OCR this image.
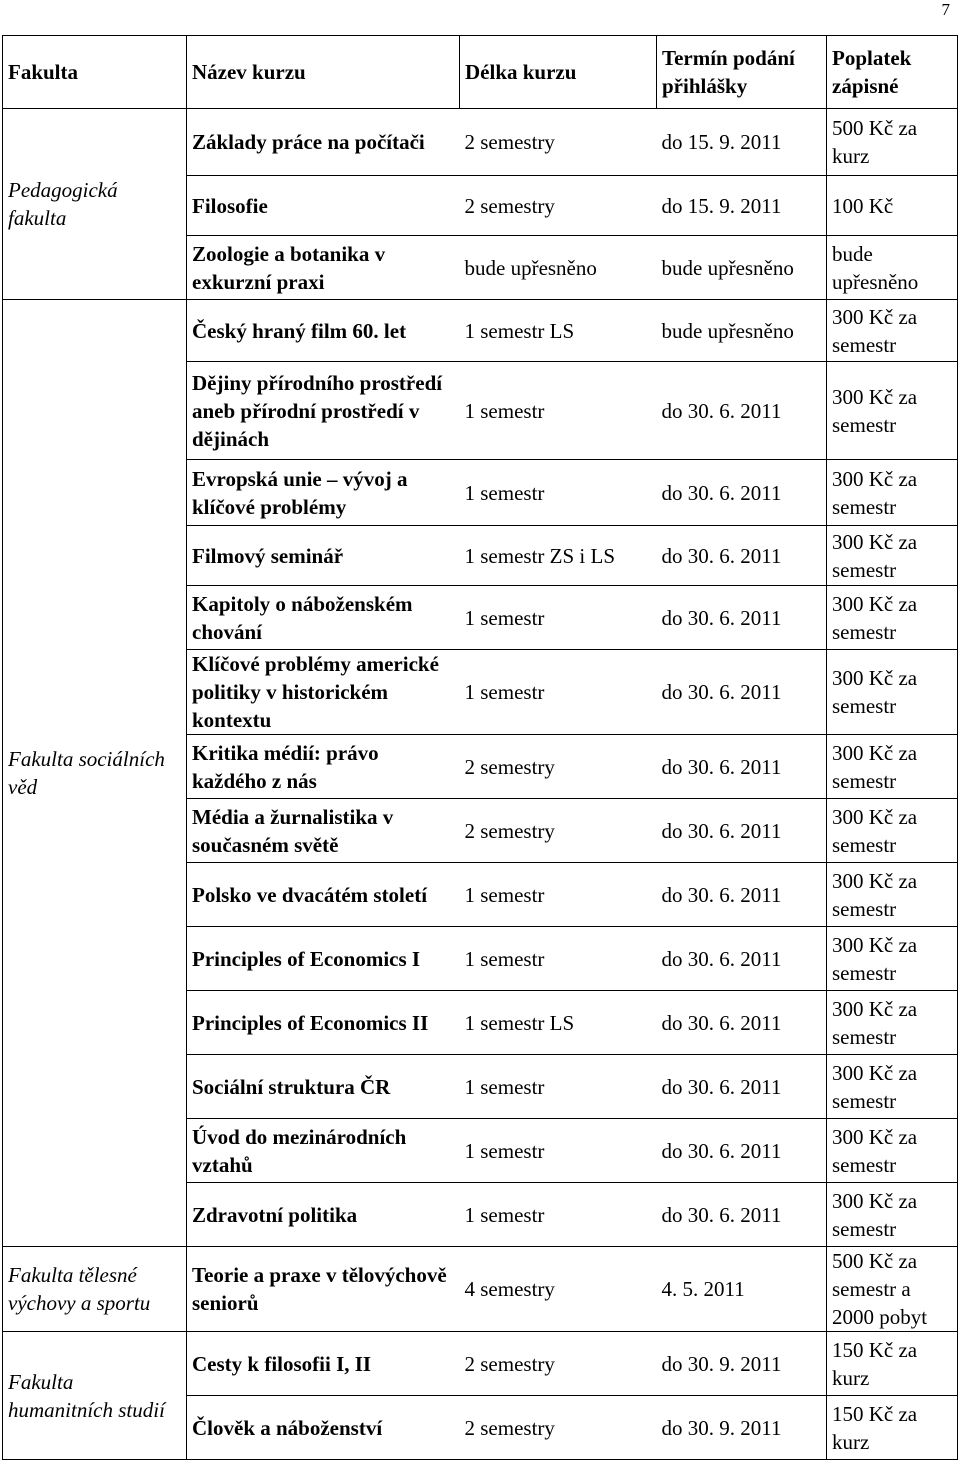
7
Fakulta	Název kurzu	Délka kurzu	Termín podání přihlášky	Poplatek zápisné
Pedagogická fakulta	Základy práce na počítači	2 semestry	do 15. 9. 2011	500 Kč za kurz
	Filosofie	2 semestry	do 15. 9. 2011	100 Kč
	Zoologie a botanika v exkurzní praxi	bude upřesněno	bude upřesněno	bude upřesněno
Fakulta sociálních věd	Český hraný film 60. let	1 semestr LS	bude upřesněno	300 Kč za semestr
	Dějiny přírodního prostředí aneb přírodní prostředí v dějinách	1 semestr	do 30. 6. 2011	300 Kč za semestr
	Evropská unie – vývoj a klíčové problémy	1 semestr	do 30. 6. 2011	300 Kč za semestr
	Filmový seminář	1 semestr ZS i LS	do 30. 6. 2011	300 Kč za semestr
	Kapitoly o náboženském chování	1 semestr	do 30. 6. 2011	300 Kč za semestr
	Klíčové problémy americké politiky v historickém kontextu	1 semestr	do 30. 6. 2011	300 Kč za semestr
	Kritika médií: právo každého z nás	2 semestry	do 30. 6. 2011	300 Kč za semestr
	Média a žurnalistika v současném světě	2 semestry	do 30. 6. 2011	300 Kč za semestr
	Polsko ve dvacátém století	1 semestr	do 30. 6. 2011	300 Kč za semestr
	Principles of Economics I	1 semestr	do 30. 6. 2011	300 Kč za semestr
	Principles of Economics II	1 semestr LS	do 30. 6. 2011	300 Kč za semestr
	Sociální struktura ČR	1 semestr	do 30. 6. 2011	300 Kč za semestr
	Úvod do mezinárodních vztahů	1 semestr	do 30. 6. 2011	300 Kč za semestr
	Zdravotní politika	1 semestr	do 30. 6. 2011	300 Kč za semestr
Fakulta tělesné výchovy a sportu	Teorie a praxe v tělovýchově seniorů	4 semestry	4. 5. 2011	500 Kč za semestr a 2000 pobyt
Fakulta humanitních studií	Cesty k filosofii I, II	2 semestry	do 30. 9. 2011	150 Kč za kurz
	Člověk a náboženství	2 semestry	do 30. 9. 2011	150 Kč za kurz
